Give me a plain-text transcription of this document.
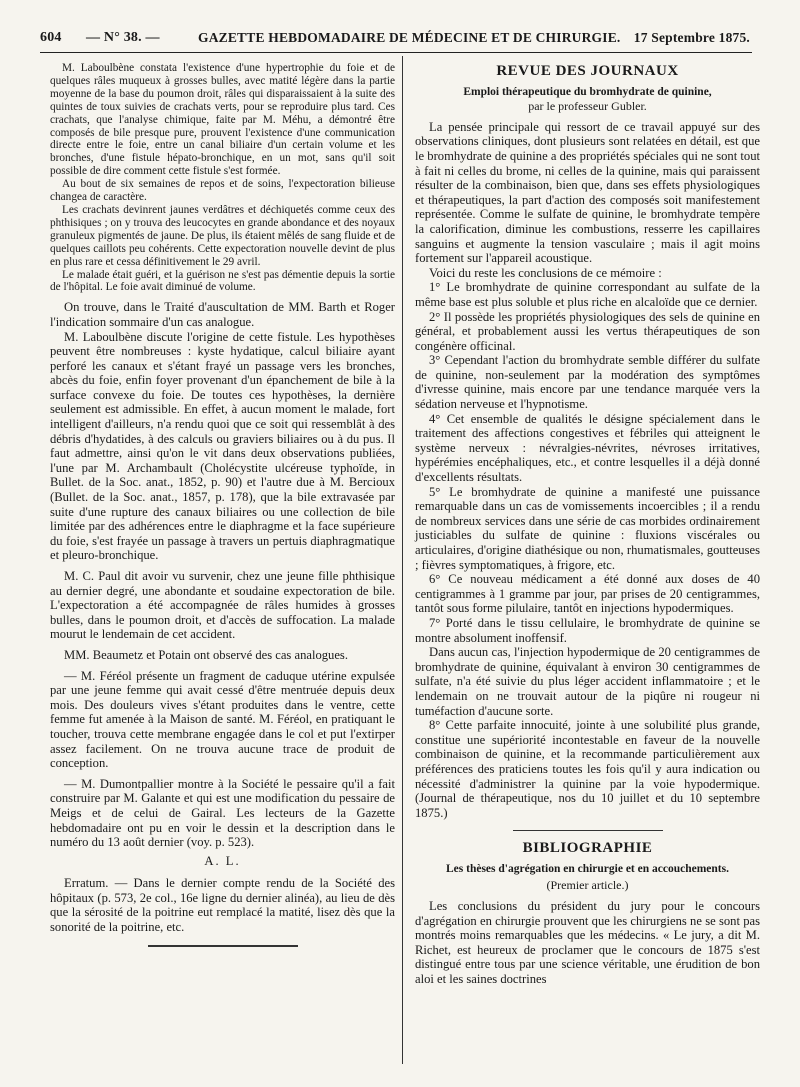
604 — N° 38. —	GAZETTE HEBDOMADAIRE DE MÉDECINE ET DE CHIRURGIE. 17 Septembre 1875.

M. Laboulbène constata l'existence d'une hypertrophie du foie et de quelques râles muqueux à grosses bulles, avec matité légère dans la partie moyenne de la base du poumon droit, râles qui disparaissaient à la suite des quintes de toux suivies de crachats verts, pour se reproduire plus tard. Ces crachats, que l'analyse chimique, faite par M. Méhu, a démontré être composés de bile presque pure, prouvent l'existence d'une communication directe entre le foie, entre un canal biliaire d'un certain volume et les bronches, d'une fistule hépato-bronchique, en un mot, sans qu'il soit possible de dire comment cette fistule s'est formée.

Au bout de six semaines de repos et de soins, l'expectoration bilieuse changea de caractère.

Les crachats devinrent jaunes verdâtres et déchiquetés comme ceux des phthisiques ; on y trouva des leucocytes en grande abondance et des noyaux granuleux pigmentés de jaune. De plus, ils étaient mêlés de sang fluide et de quelques caillots peu cohérents. Cette expectoration nouvelle devint de plus en plus rare et cessa définitivement le 29 avril.

Le malade était guéri, et la guérison ne s'est pas démentie depuis la sortie de l'hôpital. Le foie avait diminué de volume.

On trouve, dans le Traité d'auscultation de MM. Barth et Roger l'indication sommaire d'un cas analogue.

M. Laboulbène discute l'origine de cette fistule. Les hypothèses peuvent être nombreuses : kyste hydatique, calcul biliaire ayant perforé les canaux et s'étant frayé un passage vers les bronches, abcès du foie, enfin foyer provenant d'un épanchement de bile à la surface convexe du foie. De toutes ces hypothèses, la dernière seulement est admissible. En effet, à aucun moment le malade, fort intelligent d'ailleurs, n'a rendu quoi que ce soit qui ressemblât à des débris d'hydatides, à des calculs ou graviers biliaires ou à du pus. Il faut admettre, ainsi qu'on le vit dans deux observations publiées, l'une par M. Archambault (Cholécystite ulcéreuse typhoïde, in Bullet. de la Soc. anat., 1852, p. 90) et l'autre due à M. Bercioux (Bullet. de la Soc. anat., 1857, p. 178), que la bile extravasée par suite d'une rupture des canaux biliaires ou une collection de bile limitée par des adhérences entre le diaphragme et la face supérieure du foie, s'est frayée un passage à travers un pertuis diaphragmatique et pleuro-bronchique.

M. C. Paul dit avoir vu survenir, chez une jeune fille phthisique au dernier degré, une abondante et soudaine expectoration de bile. L'expectoration a été accompagnée de râles humides à grosses bulles, dans le poumon droit, et d'accès de suffocation. La malade mourut le lendemain de cet accident.

MM. Beaumetz et Potain ont observé des cas analogues.

— M. Féréol présente un fragment de caduque utérine expulsée par une jeune femme qui avait cessé d'être mentruée depuis deux mois. Des douleurs vives s'étant produites dans le ventre, cette femme fut amenée à la Maison de santé. M. Féréol, en pratiquant le toucher, trouva cette membrane engagée dans le col et put l'extirper assez facilement. On ne trouva aucune trace de produit de conception.

— M. Dumontpallier montre à la Société le pessaire qu'il a fait construire par M. Galante et qui est une modification du pessaire de Meigs et de celui de Gairal. Les lecteurs de la Gazette hebdomadaire ont pu en voir le dessin et la description dans le numéro du 13 août dernier (voy. p. 523).

A. L.

Erratum. — Dans le dernier compte rendu de la Société des hôpitaux (p. 573, 2e col., 16e ligne du dernier alinéa), au lieu de dès que la sérosité de la poitrine eut remplacé la matité, lisez dès que la sonorité de la poitrine, etc.

REVUE DES JOURNAUX

Emploi thérapeutique du bromhydrate de quinine,

par le professeur Gubler.

La pensée principale qui ressort de ce travail appuyé sur des observations cliniques, dont plusieurs sont relatées en détail, est que le bromhydrate de quinine a des propriétés spéciales qui ne sont tout à fait ni celles du brome, ni celles de la quinine, mais qui paraissent résulter de la combinaison, bien que, dans ses effets physiologiques et thérapeutiques, la part d'action des composés soit manifestement représentée. Comme le sulfate de quinine, le bromhydrate tempère la calorification, diminue les combustions, resserre les capillaires sanguins et augmente la tension vasculaire ; mais il agit moins fortement sur l'appareil acoustique.

Voici du reste les conclusions de ce mémoire :

1° Le bromhydrate de quinine correspondant au sulfate de la même base est plus soluble et plus riche en alcaloïde que ce dernier.

2° Il possède les propriétés physiologiques des sels de quinine en général, et probablement aussi les vertus thérapeutiques de son congénère officinal.

3° Cependant l'action du bromhydrate semble différer du sulfate de quinine, non-seulement par la modération des symptômes d'ivresse quinine, mais encore par une tendance marquée vers la sédation nerveuse et l'hypnotisme.

4° Cet ensemble de qualités le désigne spécialement dans le traitement des affections congestives et fébriles qui atteignent le système nerveux : névralgies-névrites, névroses irritatives, hypérémies encéphaliques, etc., et contre lesquelles il a déjà donné d'excellents résultats.

5° Le bromhydrate de quinine a manifesté une puissance remarquable dans un cas de vomissements incoercibles ; il a rendu de nombreux services dans une série de cas morbides ordinairement justiciables du sulfate de quinine : fluxions viscérales ou articulaires, d'origine diathésique ou non, rhumatismales, goutteuses ; fièvres symptomatiques, à frigore, etc.

6° Ce nouveau médicament a été donné aux doses de 40 centigrammes à 1 gramme par jour, par prises de 20 centigrammes, tantôt sous forme pilulaire, tantôt en injections hypodermiques.

7° Porté dans le tissu cellulaire, le bromhydrate de quinine se montre absolument inoffensif.

Dans aucun cas, l'injection hypodermique de 20 centigrammes de bromhydrate de quinine, équivalant à environ 30 centigrammes de sulfate, n'a été suivie du plus léger accident inflammatoire ; et le lendemain on ne trouvait autour de la piqûre ni rougeur ni tuméfaction d'aucune sorte.

8° Cette parfaite innocuité, jointe à une solubilité plus grande, constitue une supériorité incontestable en faveur de la nouvelle combinaison de quinine, et la recommande particulièrement aux préférences des praticiens toutes les fois qu'il y aura indication ou nécessité d'administrer la quinine par la voie hypodermique. (Journal de thérapeutique, nos du 10 juillet et du 10 septembre 1875.)

BIBLIOGRAPHIE

Les thèses d'agrégation en chirurgie et en accouchements.

(Premier article.)

Les conclusions du président du jury pour le concours d'agrégation en chirurgie prouvent que les chirurgiens ne se sont pas montrés moins remarquables que les médecins. « Le jury, a dit M. Richet, est heureux de proclamer que le concours de 1875 s'est distingué entre tous par une science véritable, une érudition de bon aloi et les saines doctrines
